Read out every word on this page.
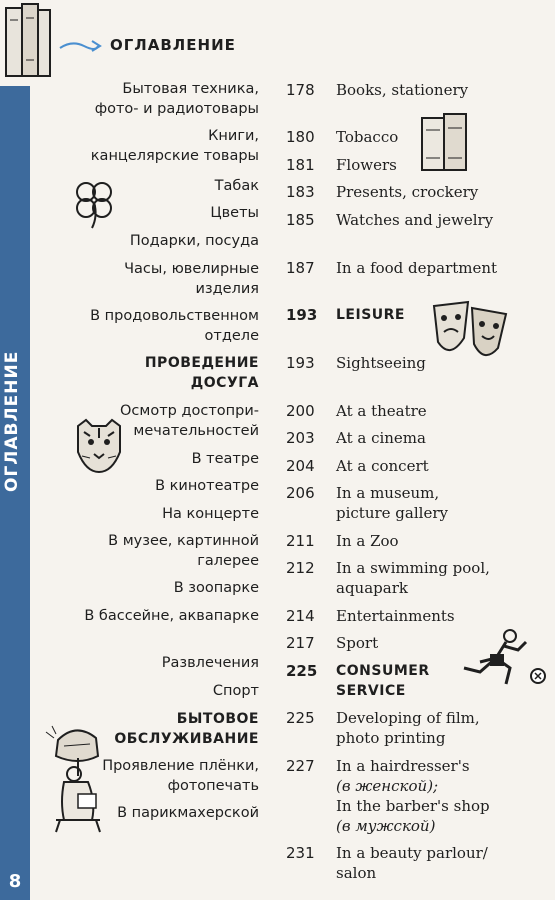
ОГЛАВЛЕНИЕ
8
ОГЛАВЛЕНИЕ
Бытовая техника,
фото- и радиотовары
Книги,
канцелярские товары
Табак
Цветы
Подарки, посуда
Часы, ювелирные
изделия
В продовольственном
отделе
ПРОВЕДЕНИЕ
ДОСУГА
Осмотр достопри-
мечательностей
В театре
В кинотеатре
На концерте
В музее, картинной
галерее
В зоопарке
В бассейне, аквапарке
Развлечения
Спорт
БЫТОВОЕ
ОБСЛУЖИВАНИЕ
Проявление плёнки,
фотопечать
В парикмахерской
178
180
181
183
185
187
193
193
200
203
204
206
211
212
214
217
225
225
227
231
Books, stationery
Tobacco
Flowers
Presents, crockery
Watches and jewelry
In a food department
LEISURE
Sightseeing
At a theatre
At a cinema
At a concert
In a museum,
picture gallery
In a Zoo
In a swimming pool,
aquapark
Entertainments
Sport
CONSUMER
SERVICE
Developing of film,
photo printing
In a hairdresser's
(в женской);
In the barber's shop
(в мужской)
In a beauty parlour/
salon
